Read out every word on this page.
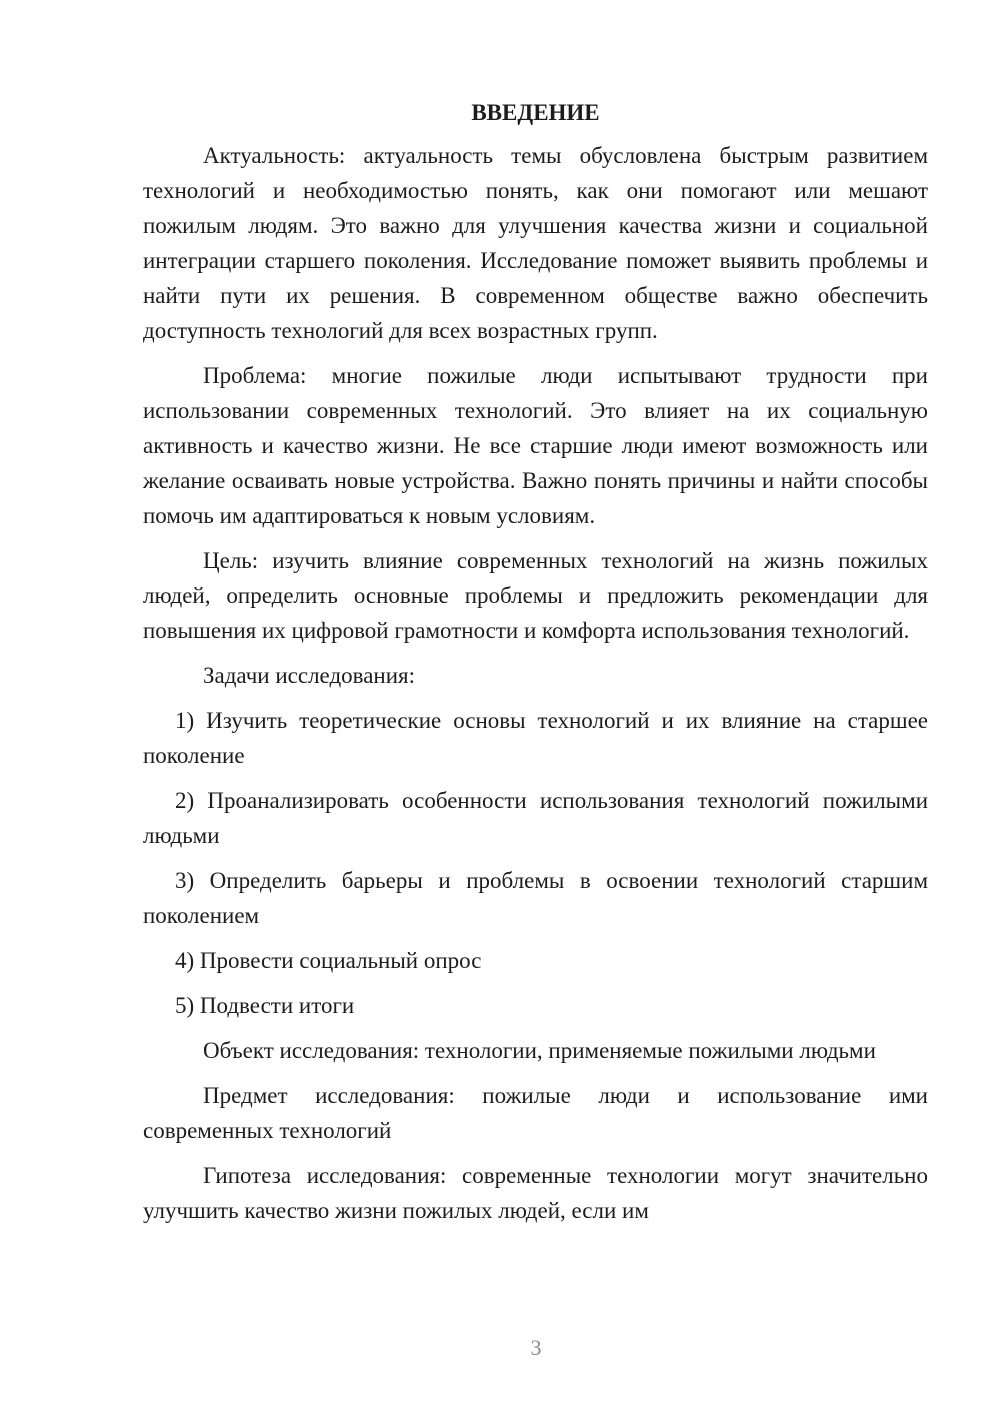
ВВЕДЕНИЕ

Актуальность: актуальность темы обусловлена быстрым развитием технологий и необходимостью понять, как они помогают или мешают пожилым людям. Это важно для улучшения качества жизни и социальной интеграции старшего поколения. Исследование поможет выявить проблемы и найти пути их решения. В современном обществе важно обеспечить доступность технологий для всех возрастных групп.

Проблема: многие пожилые люди испытывают трудности при использовании современных технологий. Это влияет на их социальную активность и качество жизни. Не все старшие люди имеют возможность или желание осваивать новые устройства. Важно понять причины и найти способы помочь им адаптироваться к новым условиям.

Цель: изучить влияние современных технологий на жизнь пожилых людей, определить основные проблемы и предложить рекомендации для повышения их цифровой грамотности и комфорта использования технологий.

Задачи исследования:

1) Изучить теоретические основы технологий и их влияние на старшее поколение

2) Проанализировать особенности использования технологий пожилыми людьми

3) Определить барьеры и проблемы в освоении технологий старшим поколением

4) Провести социальный опрос

5) Подвести итоги

Объект исследования: технологии, применяемые пожилыми людьми

Предмет исследования: пожилые люди и использование ими современных технологий

Гипотеза исследования: современные технологии могут значительно улучшить качество жизни пожилых людей, если им

3
